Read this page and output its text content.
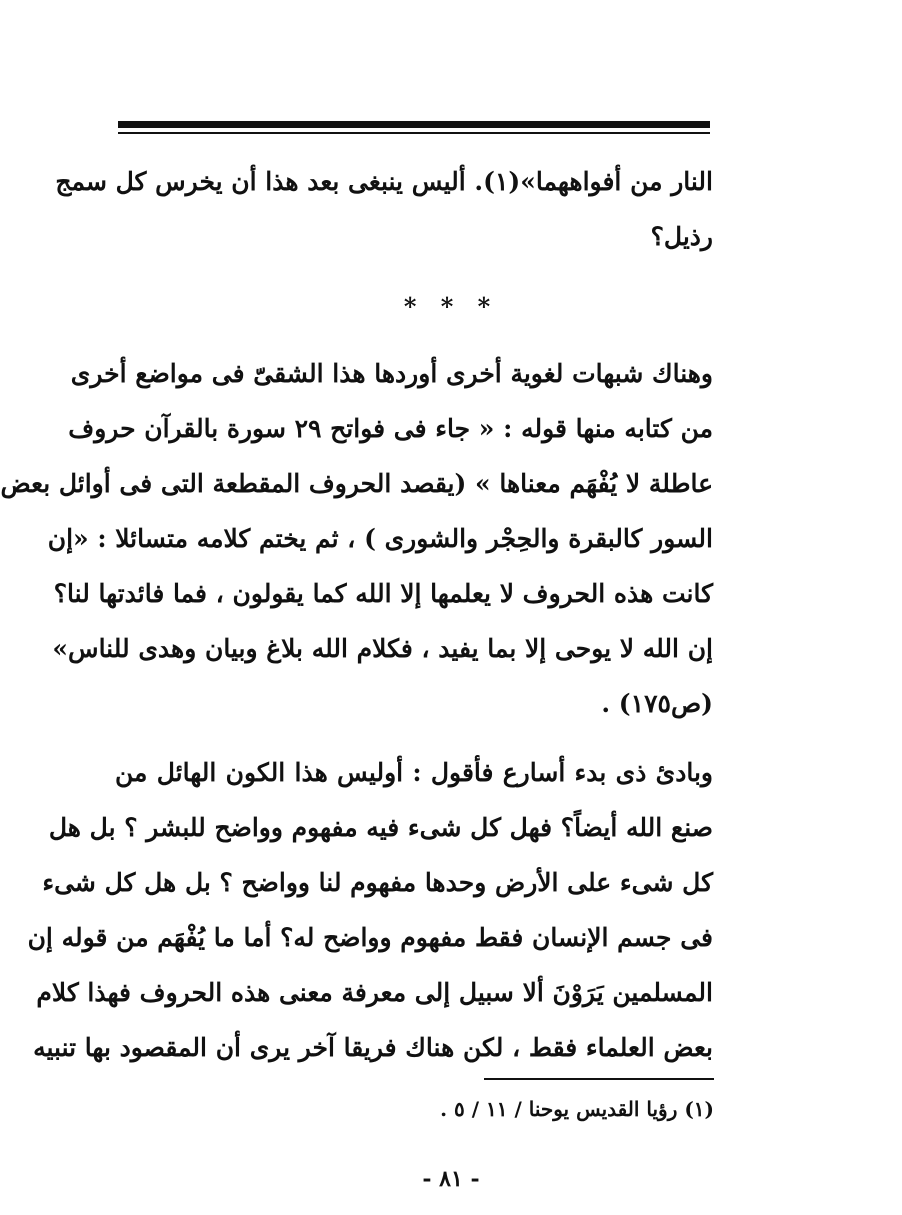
النار من أفواههما»(١). أليس ينبغى بعد هذا أن يخرس كل سمج
رذيل؟
* * *
وهناك شبهات لغوية أخرى أوردها هذا الشقىّ فى مواضع أخرى
من كتابه منها قوله : « جاء فى فواتح ٢٩ سورة بالقرآن حروف
عاطلة لا يُفْهَم معناها » (يقصد الحروف المقطعة التى فى أوائل بعض
السور كالبقرة والحِجْر والشورى ) ، ثم يختم كلامه متسائلا : «إن
كانت هذه الحروف لا يعلمها إلا الله كما يقولون ، فما فائدتها لنا؟
إن الله لا يوحى إلا بما يفيد ، فكلام الله بلاغ وبيان وهدى للناس»
(ص١٧٥) .
وبادئ ذى بدء أسارع فأقول : أوليس هذا الكون الهائل من
صنع الله أيضاً؟ فهل كل شىء فيه مفهوم وواضح للبشر ؟ بل هل
كل شىء على الأرض وحدها مفهوم لنا وواضح ؟ بل هل كل شىء
فى جسم الإنسان فقط مفهوم وواضح له؟ أما ما يُفْهَم من قوله إن
المسلمين يَرَوْنَ ألا سبيل إلى معرفة معنى هذه الحروف فهذا كلام
بعض العلماء فقط ، لكن هناك فريقا آخر يرى أن المقصود بها تنبيه
(١) رؤيا القديس يوحنا / ١١ / ٥ .
- ٨١ -
